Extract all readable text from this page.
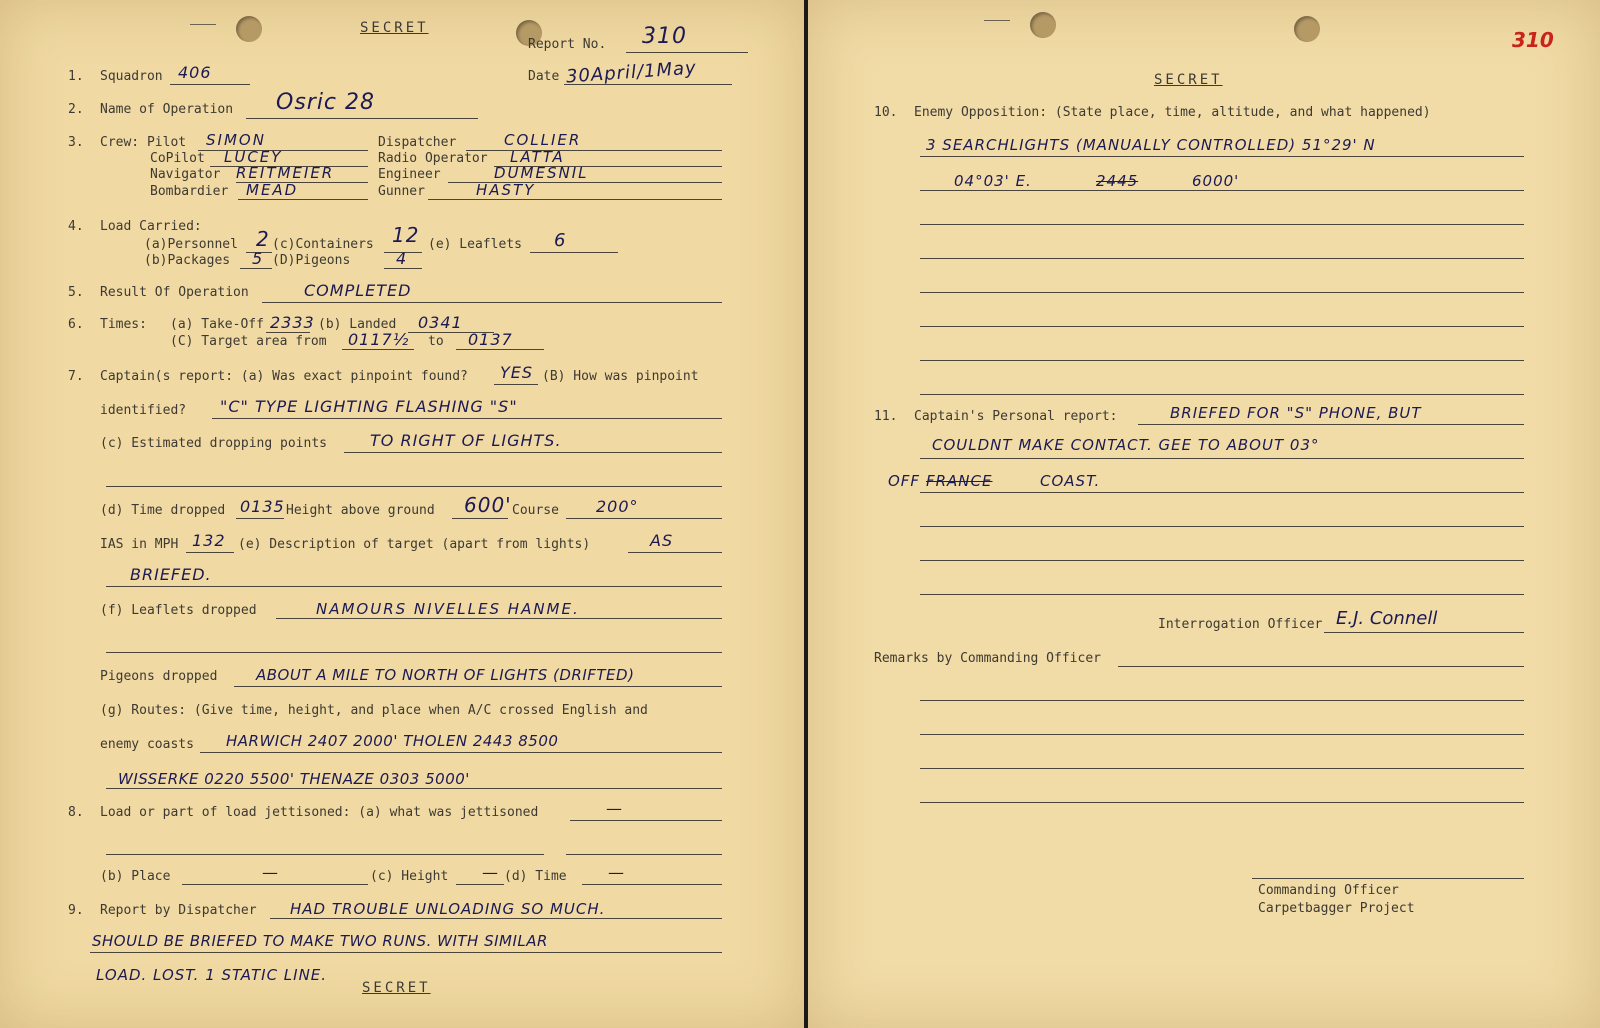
SECRET
Report No. 310
Date 30April/1May
1. Squadron 406
2. Name of Operation Osric 28
3. Crew: Pilot SIMON	Dispatcher	COLLIER
CoPilot LUCEY	Radio Operator LATTA
Navigator REITMEIER	Engineer	DUMESNIL
Bombardier MEAD	Gunner	HASTY
4. Load Carried:
(a)Personnel 2 (c)Containers 12 (e) Leaflets 6
(b)Packages 5 (D)Pigeons	4
5. Result Of Operation	COMPLETED
6. Times: (a) Take-Off 2333 (b) Landed 0341
(C) Target area from 0117½ to 0137
7. Captain(s report: (a) Was exact pinpoint found? YES (B) How was pinpoint
identified? "C" TYPE LIGHTING FLASHING "S"
(c) Estimated dropping points	TO RIGHT OF LIGHTS.
(d) Time dropped 0135 Height above ground 600' Course 200°
IAS in MPH 132 (e) Description of target (apart from lights)	AS
BRIEFED.
(f) Leaflets dropped	NAMOURS NIVELLES HANME.
Pigeons dropped	ABOUT A MILE TO NORTH OF LIGHTS (DRIFTED)
(g) Routes: (Give time, height, and place when A/C crossed English and
enemy coasts HARWICH 2407 2000' THOLEN 2443 8500
WISSERKE 0220 5500' THENAZE 0303 5000'
8. Load or part of load jettisoned: (a) what was jettisoned	—
(b) Place	—	(c) Height — (d) Time	—
9. Report by Dispatcher HAD TROUBLE UNLOADING SO MUCH.
SHOULD BE BRIEFED TO MAKE TWO RUNS. WITH SIMILAR
LOAD. LOST. 1 STATIC LINE.
SECRET
310
SECRET
10. Enemy Opposition: (State place, time, altitude, and what happened)
3 SEARCHLIGHTS (MANUALLY CONTROLLED) 51°29' N
04°03' E.	2445	6000'
11. Captain's Personal report:	BRIEFED FOR "S" PHONE, BUT
COULDNT MAKE CONTACT. GEE TO ABOUT 03°
OFF FRANCE	COAST.
Interrogation Officer E.J. Connell
Remarks by Commanding Officer
Commanding Officer
Carpetbagger Project
